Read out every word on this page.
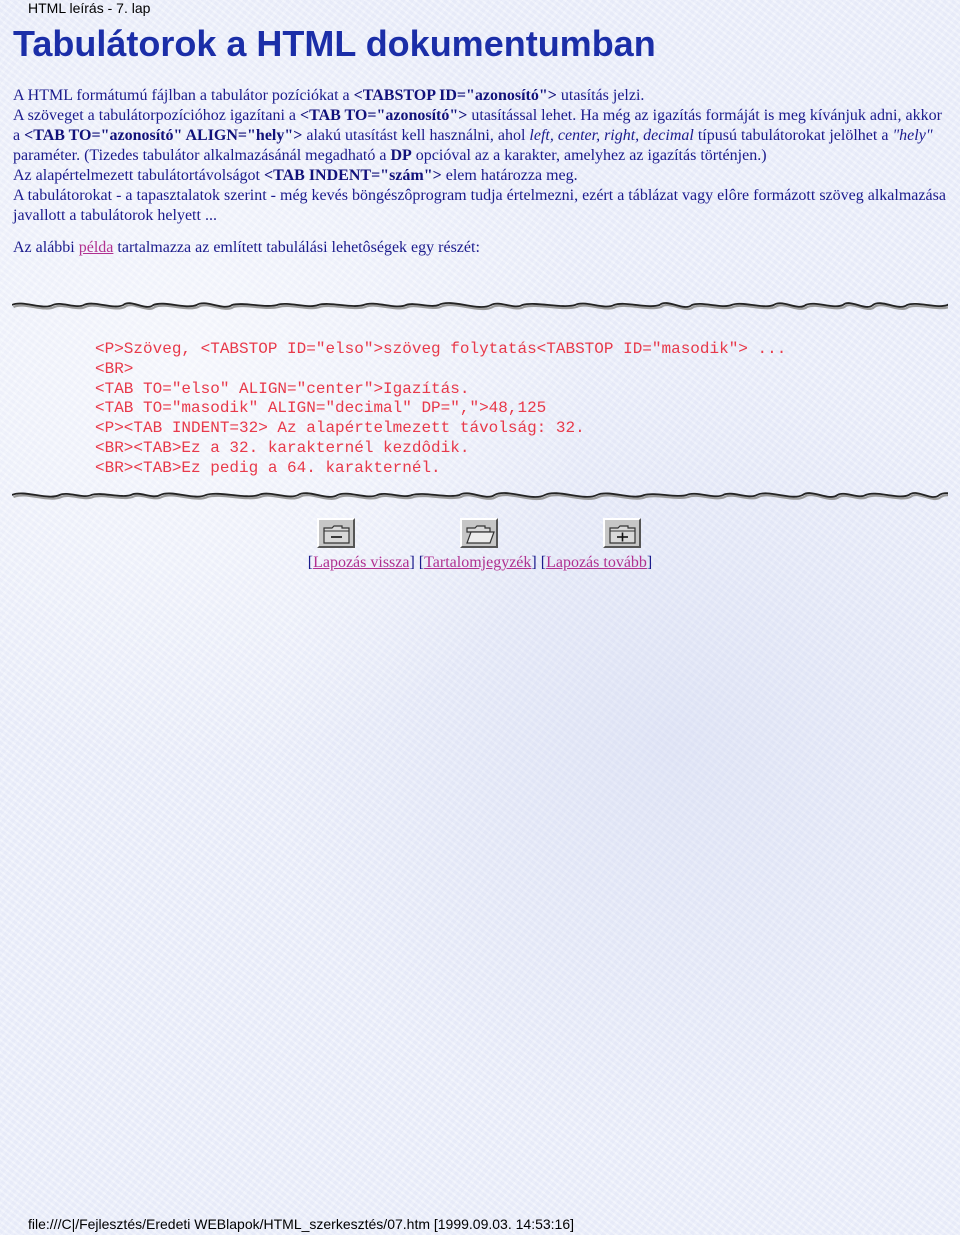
HTML leírás - 7. lap
Tabulátorok a HTML dokumentumban

A HTML formátumú fájlban a tabulátor pozíciókat a <TABSTOP ID="azonosító"> utasítás jelzi.

A szöveget a tabulátorpozícióhoz igazítani a <TAB TO="azonosító"> utasítással lehet. Ha még az igazítás formáját is meg kívánjuk adni, akkor a <TAB TO="azonosító" ALIGN="hely"> alakú utasítást kell használni, ahol left, center, right, decimal típusú tabulátorokat jelölhet a "hely" paraméter. (Tizedes tabulátor alkalmazásánál megadható a DP opcióval az a karakter, amelyhez az igazítás történjen.)

Az alapértelmezett tabulátortávolságot <TAB INDENT="szám"> elem határozza meg.

A tabulátorokat - a tapasztalatok szerint - még kevés böngészôprogram tudja értelmezni, ezért a táblázat vagy elôre formázott szöveg alkalmazása javallott a tabulátorok helyett ...

Az alábbi példa tartalmazza az említett tabulálási lehetôségek egy részét:

<P>Szöveg, <TABSTOP ID="elso">szöveg folytatás<TABSTOP ID="masodik"> ...
<BR>
<TAB TO="elso" ALIGN="center">Igazítás.
<TAB TO="masodik" ALIGN="decimal" DP=",">48,125
<P><TAB INDENT=32> Az alapértelmezett távolság: 32.
<BR><TAB>Ez a 32. karakternél kezdôdik.
<BR><TAB>Ez pedig a 64. karakternél.
[Lapozás vissza] [Tartalomjegyzék] [Lapozás tovább]
file:///C|/Fejlesztés/Eredeti WEBlapok/HTML_szerkesztés/07.htm [1999.09.03. 14:53:16]
